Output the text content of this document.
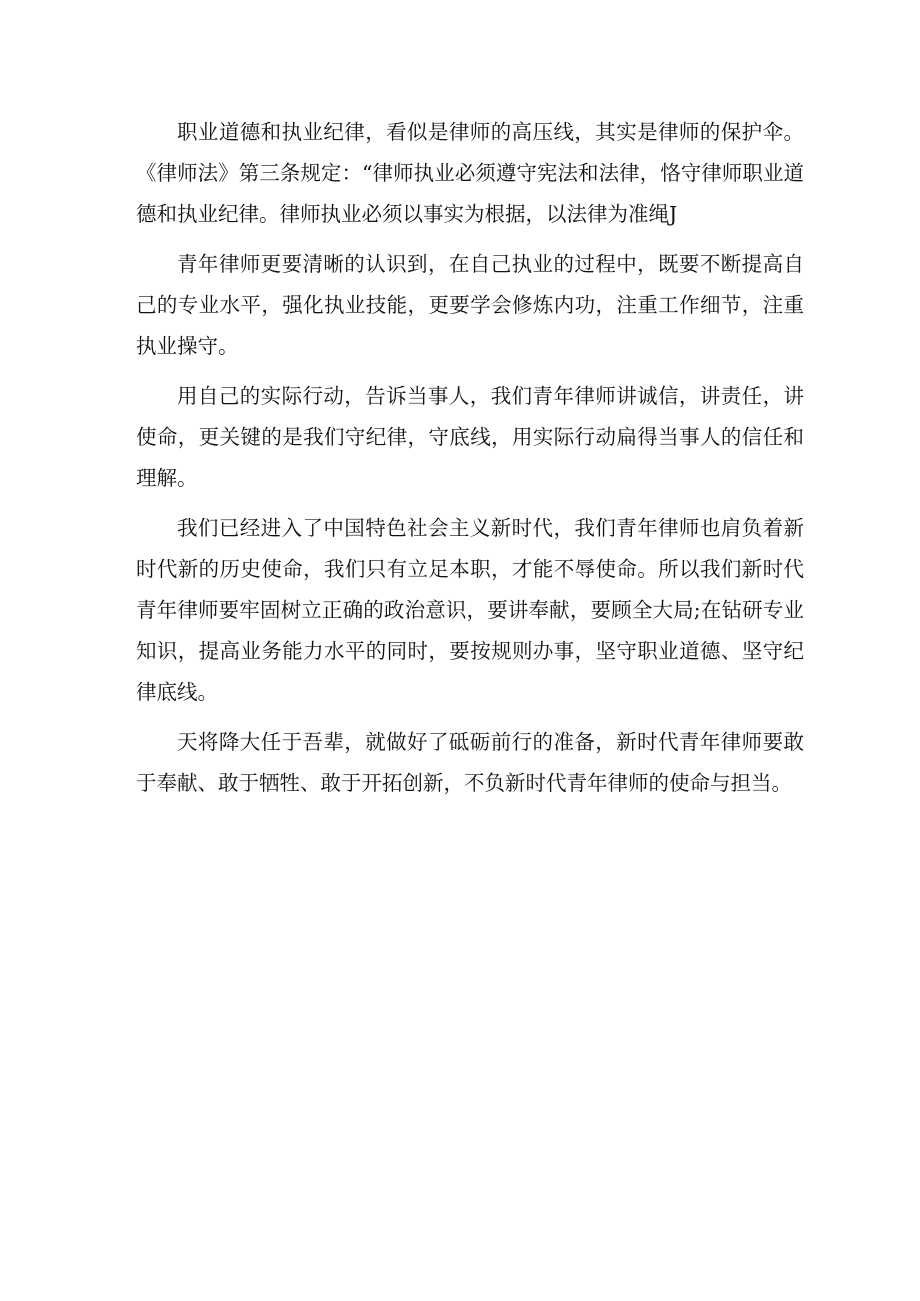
职业道德和执业纪律，看似是律师的高压线，其实是律师的保护伞。《律师法》第三条规定：“律师执业必须遵守宪法和法律，恪守律师职业道德和执业纪律。律师执业必须以事实为根据，以法律为准绳J

青年律师更要清晰的认识到，在自己执业的过程中，既要不断提高自己的专业水平，强化执业技能，更要学会修炼内功，注重工作细节，注重执业操守。

用自己的实际行动，告诉当事人，我们青年律师讲诚信，讲责任，讲使命，更关键的是我们守纪律，守底线，用实际行动扁得当事人的信任和理解。

我们已经进入了中国特色社会主义新时代，我们青年律师也肩负着新时代新的历史使命，我们只有立足本职，才能不辱使命。所以我们新时代青年律师要牢固树立正确的政治意识，要讲奉献，要顾全大局;在钻研专业知识，提高业务能力水平的同时，要按规则办事，坚守职业道德、坚守纪律底线。

天将降大任于吾辈，就做好了砥砺前行的准备，新时代青年律师要敢于奉献、敢于牺牲、敢于开拓创新，不负新时代青年律师的使命与担当。
